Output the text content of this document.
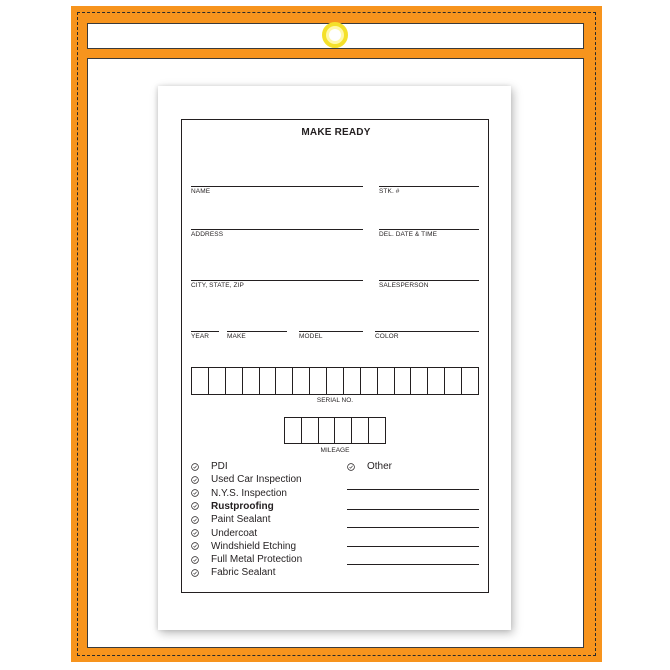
MAKE READY
NAME	STK. #
ADDRESS	DEL. DATE & TIME
CITY, STATE, ZIP	SALESPERSON
YEAR	MAKE	MODEL	COLOR
SERIAL NO.
MILEAGE
PDI
Used Car Inspection
N.Y.S. Inspection
Rustproofing
Paint Sealant
Undercoat
Windshield Etching
Full Metal Protection
Fabric Sealant
Other
